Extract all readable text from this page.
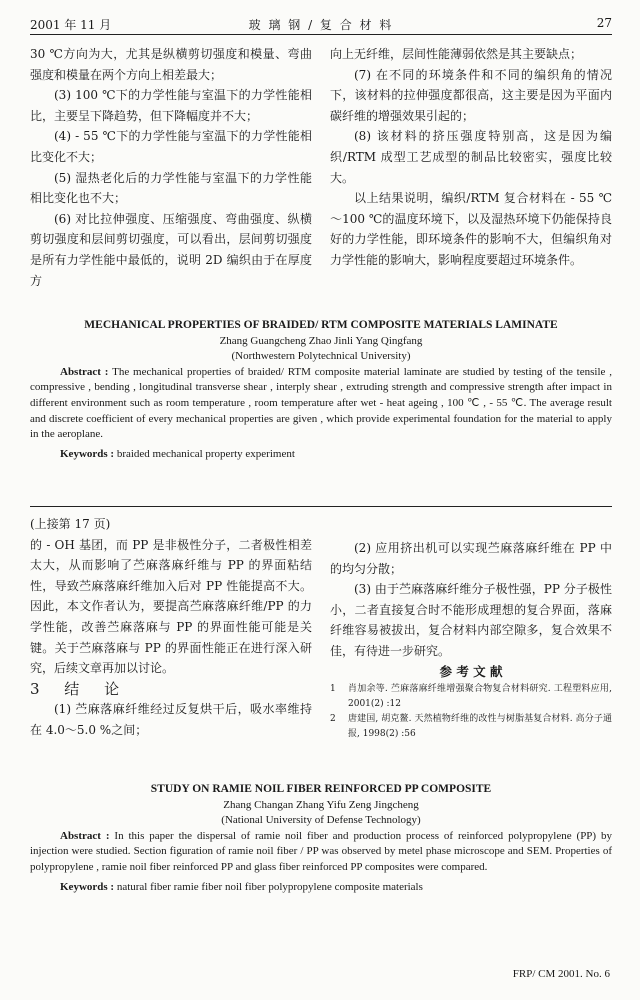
2001 年 11 月	玻 璃 钢 / 复 合 材 料	27

30 ℃方向为大，尤其是纵横剪切强度和模量、弯曲强度和模量在两个方向上相差最大；

(3) 100 ℃下的力学性能与室温下的力学性能相比，主要呈下降趋势，但下降幅度并不大；

(4) - 55 ℃下的力学性能与室温下的力学性能相比变化不大；

(5) 湿热老化后的力学性能与室温下的力学性能相比变化也不大；

(6) 对比拉伸强度、压缩强度、弯曲强度、纵横剪切强度和层间剪切强度，可以看出，层间剪切强度是所有力学性能中最低的，说明 2D 编织由于在厚度方

向上无纤维，层间性能薄弱依然是其主要缺点；

(7) 在不同的环境条件和不同的编织角的情况下，该材料的拉伸强度都很高，这主要是因为平面内碳纤维的增强效果引起的；

(8) 该材料的挤压强度特别高，这是因为编织/RTM 成型工艺成型的制品比较密实，强度比较大。

以上结果说明，编织/RTM 复合材料在 - 55 ℃～100 ℃的温度环境下，以及湿热环境下仍能保持良好的力学性能，即环境条件的影响不大，但编织角对力学性能的影响大，影响程度要超过环境条件。

MECHANICAL PROPERTIES OF BRAIDED/ RTM COMPOSITE MATERIALS LAMINATE
Zhang Guangcheng Zhao Jinli Yang Qingfang
(Northwestern Polytechnical University)
Abstract : The mechanical properties of braided/ RTM composite material laminate are studied by testing of the tensile , compressive , bending , longitudinal transverse shear , interply shear , extruding strength and compressive strength after impact in different environment such as room temperature , room temperature after wet - heat ageing , 100 ℃ , - 55 ℃. The average result and discrete coefficient of every mechanical properties are given , which provide experimental foundation for the material to apply in the aeroplane.
Keywords : braided mechanical property experiment

(上接第 17 页)

的 - OH 基团，而 PP 是非极性分子，二者极性相差太大，从而影响了苎麻落麻纤维与 PP 的界面粘结性，导致苎麻落麻纤维加入后对 PP 性能提高不大。因此，本文作者认为，要提高苎麻落麻纤维/PP 的力学性能，改善苎麻落麻与 PP 的界面性能可能是关键。关于苎麻落麻与 PP 的界面性能正在进行深入研究，后续文章再加以讨论。

3 结 论

(1) 苎麻落麻纤维经过反复烘干后，吸水率维持在 4.0～5.0 %之间；

(2) 应用挤出机可以实现苎麻落麻纤维在 PP 中的均匀分散；

(3) 由于苎麻落麻纤维分子极性强，PP 分子极性小，二者直接复合时不能形成理想的复合界面，落麻纤维容易被拔出，复合材料内部空隙多，复合效果不佳，有待进一步研究。

参 考 文 献

1 肖加余等. 苎麻落麻纤维增强聚合物复合材料研究. 工程塑料应用, 2001(2) :12
2 唐建国, 胡克鳌. 天然植物纤维的改性与树脂基复合材料. 高分子通报, 1998(2) :56
STUDY ON RAMIE NOIL FIBER REINFORCED PP COMPOSITE
Zhang Changan Zhang Yifu Zeng Jingcheng
(National University of Defense Technology)
Abstract : In this paper the dispersal of ramie noil fiber and production process of reinforced polypropylene (PP) by injection were studied. Section figuration of ramie noil fiber / PP was observed by metel phase microscope and SEM. Properties of polypropylene , ramie noil fiber reinforced PP and glass fiber reinforced PP composites were compared.
Keywords : natural fiber ramie fiber noil fiber polypropylene composite materials
FRP/ CM 2001. No. 6
